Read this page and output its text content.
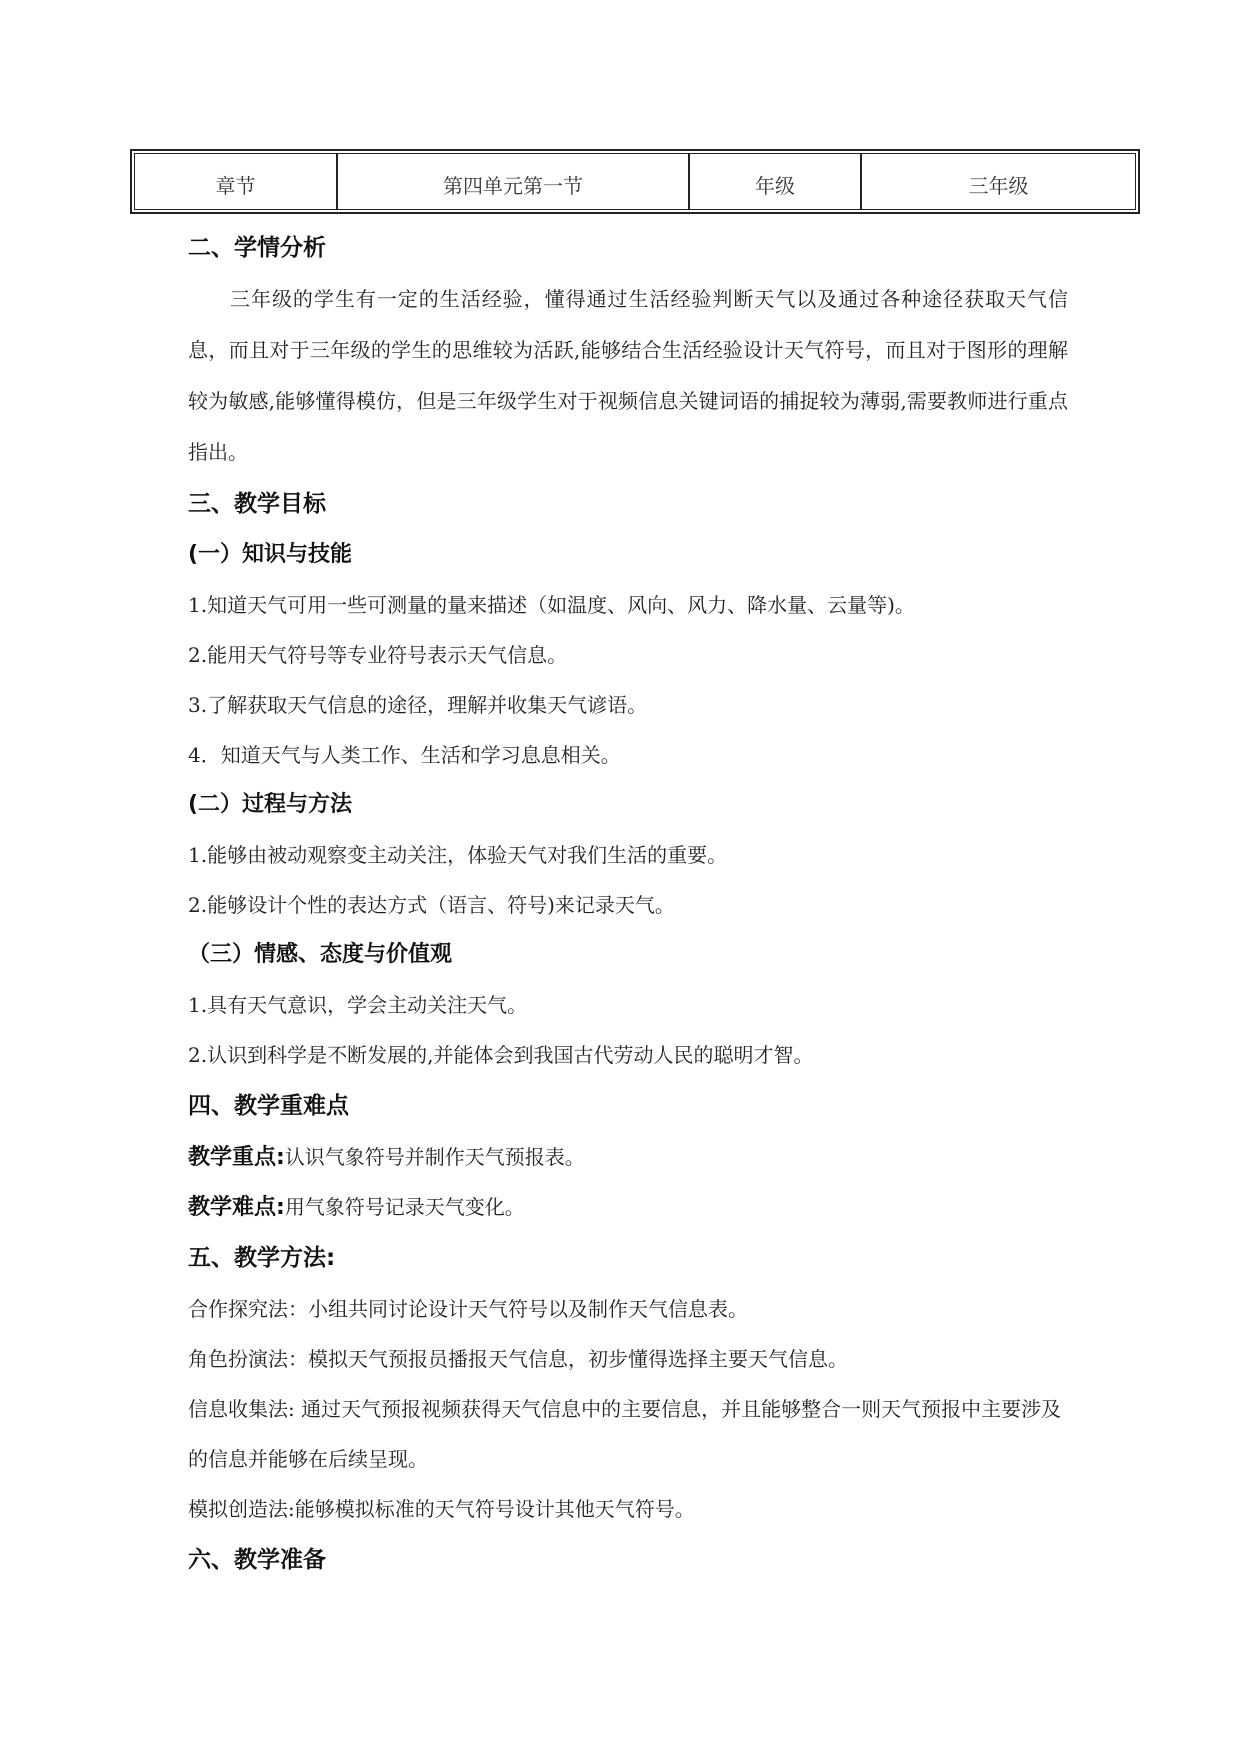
章节	第四单元第一节	年级	三年级
二、学情分析

三年级的学生有一定的生活经验，懂得通过生活经验判断天气以及通过各种途径获取天气信息，而且对于三年级的学生的思维较为活跃,能够结合生活经验设计天气符号，而且对于图形的理解较为敏感,能够懂得模仿，但是三年级学生对于视频信息关键词语的捕捉较为薄弱,需要教师进行重点指出。

三、教学目标
(一）知识与技能
1.知道天气可用一些可测量的量来描述（如温度、风向、风力、降水量、云量等)。
2.能用天气符号等专业符号表示天气信息。
3.了解获取天气信息的途径，理解并收集天气谚语。
4．知道天气与人类工作、生活和学习息息相关。
(二）过程与方法
1.能够由被动观察变主动关注，体验天气对我们生活的重要。
2.能够设计个性的表达方式（语言、符号)来记录天气。
（三）情感、态度与价值观
1.具有天气意识，学会主动关注天气。
2.认识到科学是不断发展的,并能体会到我国古代劳动人民的聪明才智。
四、教学重难点
教学重点:认识气象符号并制作天气预报表。
教学难点:用气象符号记录天气变化。
五、教学方法:
合作探究法：小组共同讨论设计天气符号以及制作天气信息表。
角色扮演法：模拟天气预报员播报天气信息，初步懂得选择主要天气信息。
信息收集法: 通过天气预报视频获得天气信息中的主要信息，并且能够整合一则天气预报中主要涉及的信息并能够在后续呈现。
模拟创造法:能够模拟标准的天气符号设计其他天气符号。
六、教学准备
